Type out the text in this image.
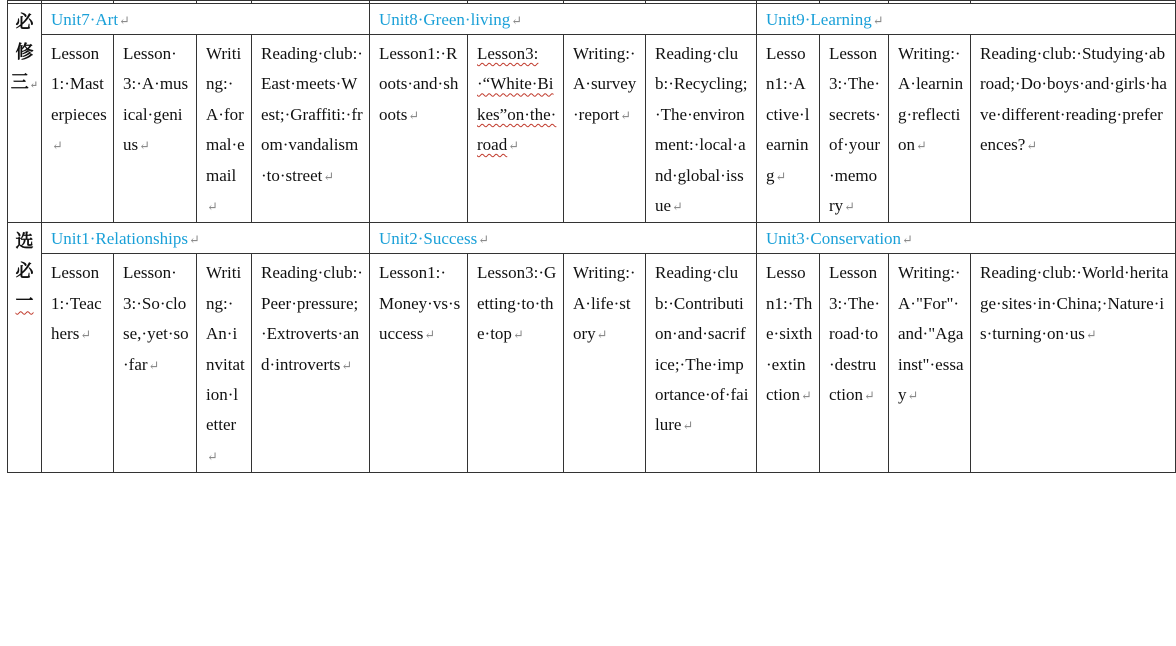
必
修
三↵	Unit7·Art↵				Unit8·Green·living↵				Unit9·Learning↵			
	Lesson1:·Masterpieces↵	Lesson·3:·A·musical·genius↵	Writing:·A·formal·email↵	Reading·club:·East·meets·West;·Graffiti:·from·vandalism·to·street↵	Lesson1:·Roots·and·shoots↵	Lesson3:·“White·Bikes”on·the·road↵	Writing:·A·survey·report↵	Reading·club:·Recycling;·The·environment:·local·and·global·issue↵	Lesson1:·Active·learning↵	Lesson3:·The·secrets·of·your·memory↵	Writing:·A·learning·reflection↵	Reading·club:·Studying·abroad;·Do·boys·and·girls·have·different·reading·preferences?↵

选
必
一	Unit1·Relationships↵				Unit2·Success↵				Unit3·Conservation↵			
	Lesson1:·Teachers↵	Lesson·3:·So·close,·yet·so·far↵	Writing:·An·invitation·letter↵	Reading·club:·Peer·pressure;·Extroverts·and·introverts↵	Lesson1:·Money·vs·success↵	Lesson3:·Getting·to·the·top↵	Writing:·A·life·story↵	Reading·club:·Contribution·and·sacrifice;·The·importance·of·failure↵	Lesson1:·The·sixth·extinction↵	Lesson3:·The·road·to·destruction↵	Writing:·A·"For"·and·"Against"·essay↵	Reading·club:·World·heritage·sites·in·China;·Nature·is·turning·on·us↵
